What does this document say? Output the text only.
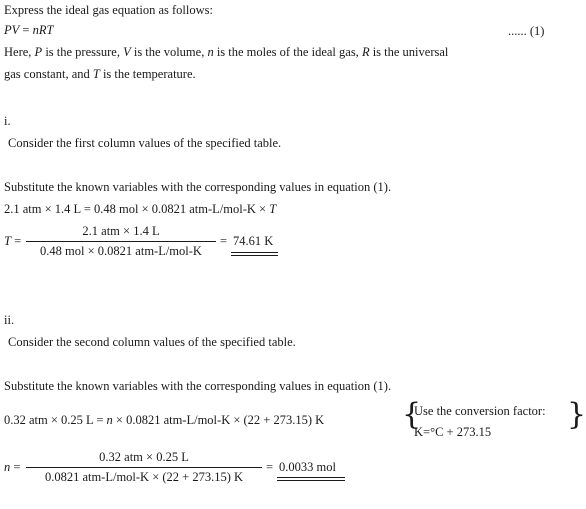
Express the ideal gas equation as follows:
PV = nRT	...... (1)
Here, P is the pressure, V is the volume, n is the moles of the ideal gas, R is the universal
gas constant, and T is the temperature.
i.
Consider the first column values of the specified table.
Substitute the known variables with the corresponding values in equation (1).
2.1 atm × 1.4 L = 0.48 mol × 0.0821 atm-L/mol-K × T
T =
2.1 atm × 1.4 L
0.48 mol × 0.0821 atm-L/mol-K
= 74.61 K
ii.
Consider the second column values of the specified table.
Substitute the known variables with the corresponding values in equation (1).
0.32 atm × 0.25 L = n × 0.0821 atm-L/mol-K × (22 + 273.15) K	{
Use the conversion factor:
K=°C + 273.15	}
n =
0.32 atm × 0.25 L
0.0821 atm-L/mol-K × (22 + 273.15) K
= 0.0033 mol
